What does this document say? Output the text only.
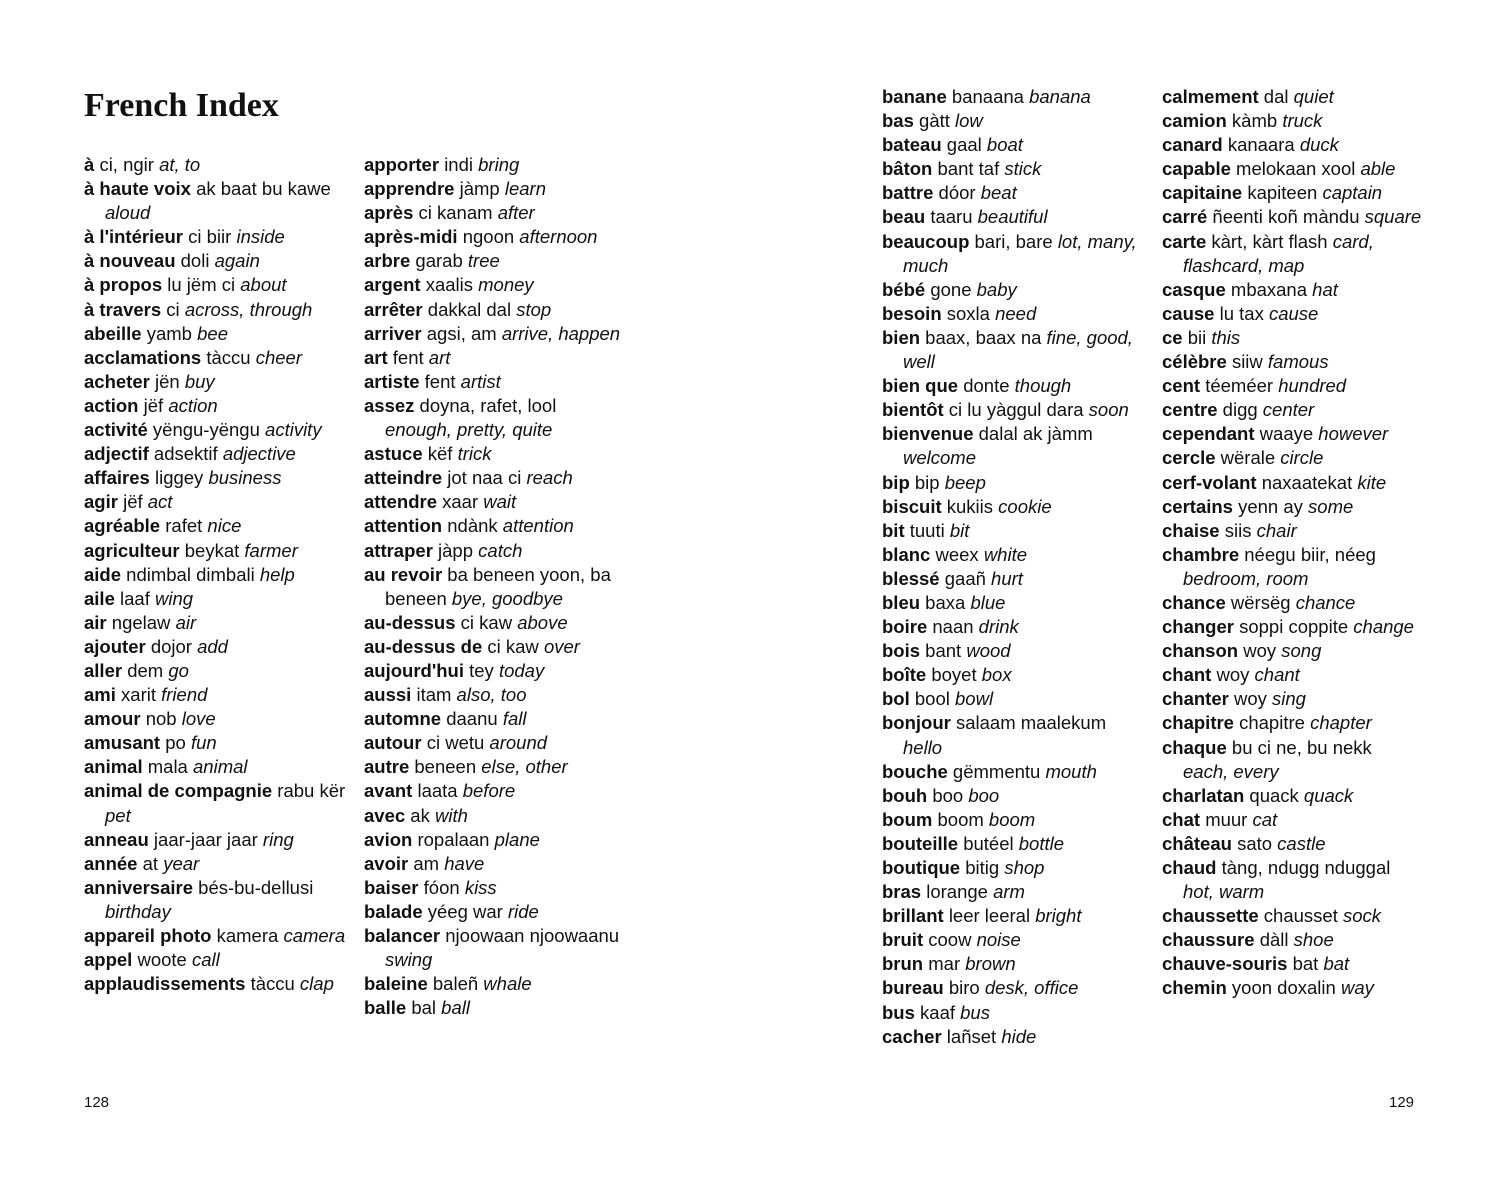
French Index
à ci, ngir at, to
à haute voix ak baat bu kawe aloud
à l'intérieur ci biir inside
à nouveau doli again
à propos lu jëm ci about
à travers ci across, through
abeille yamb bee
acclamations tàccu cheer
acheter jën buy
action jëf action
activité yëngu-yëngu activity
adjectif adsektif adjective
affaires liggey business
agir jëf act
agréable rafet nice
agriculteur beykat farmer
aide ndimbal dimbali help
aile laaf wing
air ngelaw air
ajouter dojor add
aller dem go
ami xarit friend
amour nob love
amusant po fun
animal mala animal
animal de compagnie rabu kër pet
anneau jaar-jaar jaar ring
année at year
anniversaire bés-bu-dellusi birthday
appareil photo kamera camera
appel woote call
applaudissements tàccu clap
apporter indi bring
apprendre jàmp learn
après ci kanam after
après-midi ngoon afternoon
arbre garab tree
argent xaalis money
arrêter dakkal dal stop
arriver agsi, am arrive, happen
art fent art
artiste fent artist
assez doyna, rafet, lool enough, pretty, quite
astuce këf trick
atteindre jot naa ci reach
attendre xaar wait
attention ndànk attention
attraper jàpp catch
au revoir ba beneen yoon, ba beneen bye, goodbye
au-dessus ci kaw above
au-dessus de ci kaw over
aujourd'hui tey today
aussi itam also, too
automne daanu fall
autour ci wetu around
autre beneen else, other
avant laata before
avec ak with
avion ropalaan plane
avoir am have
baiser fóon kiss
balade yéeg war ride
balancer njoowaan njoowaanu swing
baleine baleñ whale
balle bal ball
banane banaana banana
bas gàtt low
bateau gaal boat
bâton bant taf stick
battre dóor beat
beau taaru beautiful
beaucoup bari, bare lot, many, much
bébé gone baby
besoin soxla need
bien baax, baax na fine, good, well
bien que donte though
bientôt ci lu yàggul dara soon
bienvenue dalal ak jàmm welcome
bip bip beep
biscuit kukiis cookie
bit tuuti bit
blanc weex white
blessé gaañ hurt
bleu baxa blue
boire naan drink
bois bant wood
boîte boyet box
bol bool bowl
bonjour salaam maalekum hello
bouche gëmmentu mouth
bouh boo boo
boum boom boom
bouteille butéel bottle
boutique bitig shop
bras lorange arm
brillant leer leeral bright
bruit coow noise
brun mar brown
bureau biro desk, office
bus kaaf bus
cacher lañset hide
calmement dal quiet
camion kàmb truck
canard kanaara duck
capable melokaan xool able
capitaine kapiteen captain
carré ñeenti koñ màndu square
carte kàrt, kàrt flash card, flashcard, map
casque mbaxana hat
cause lu tax cause
ce bii this
célèbre siiw famous
cent téeméer hundred
centre digg center
cependant waaye however
cercle wërale circle
cerf-volant naxaatekat kite
certains yenn ay some
chaise siis chair
chambre néegu biir, néeg bedroom, room
chance wërsëg chance
changer soppi coppite change
chanson woy song
chant woy chant
chanter woy sing
chapitre chapitre chapter
chaque bu ci ne, bu nekk each, every
charlatan quack quack
chat muur cat
château sato castle
chaud tàng, ndugg nduggal hot, warm
chaussette chausset sock
chaussure dàll shoe
chauve-souris bat bat
chemin yoon doxalin way
128	129
